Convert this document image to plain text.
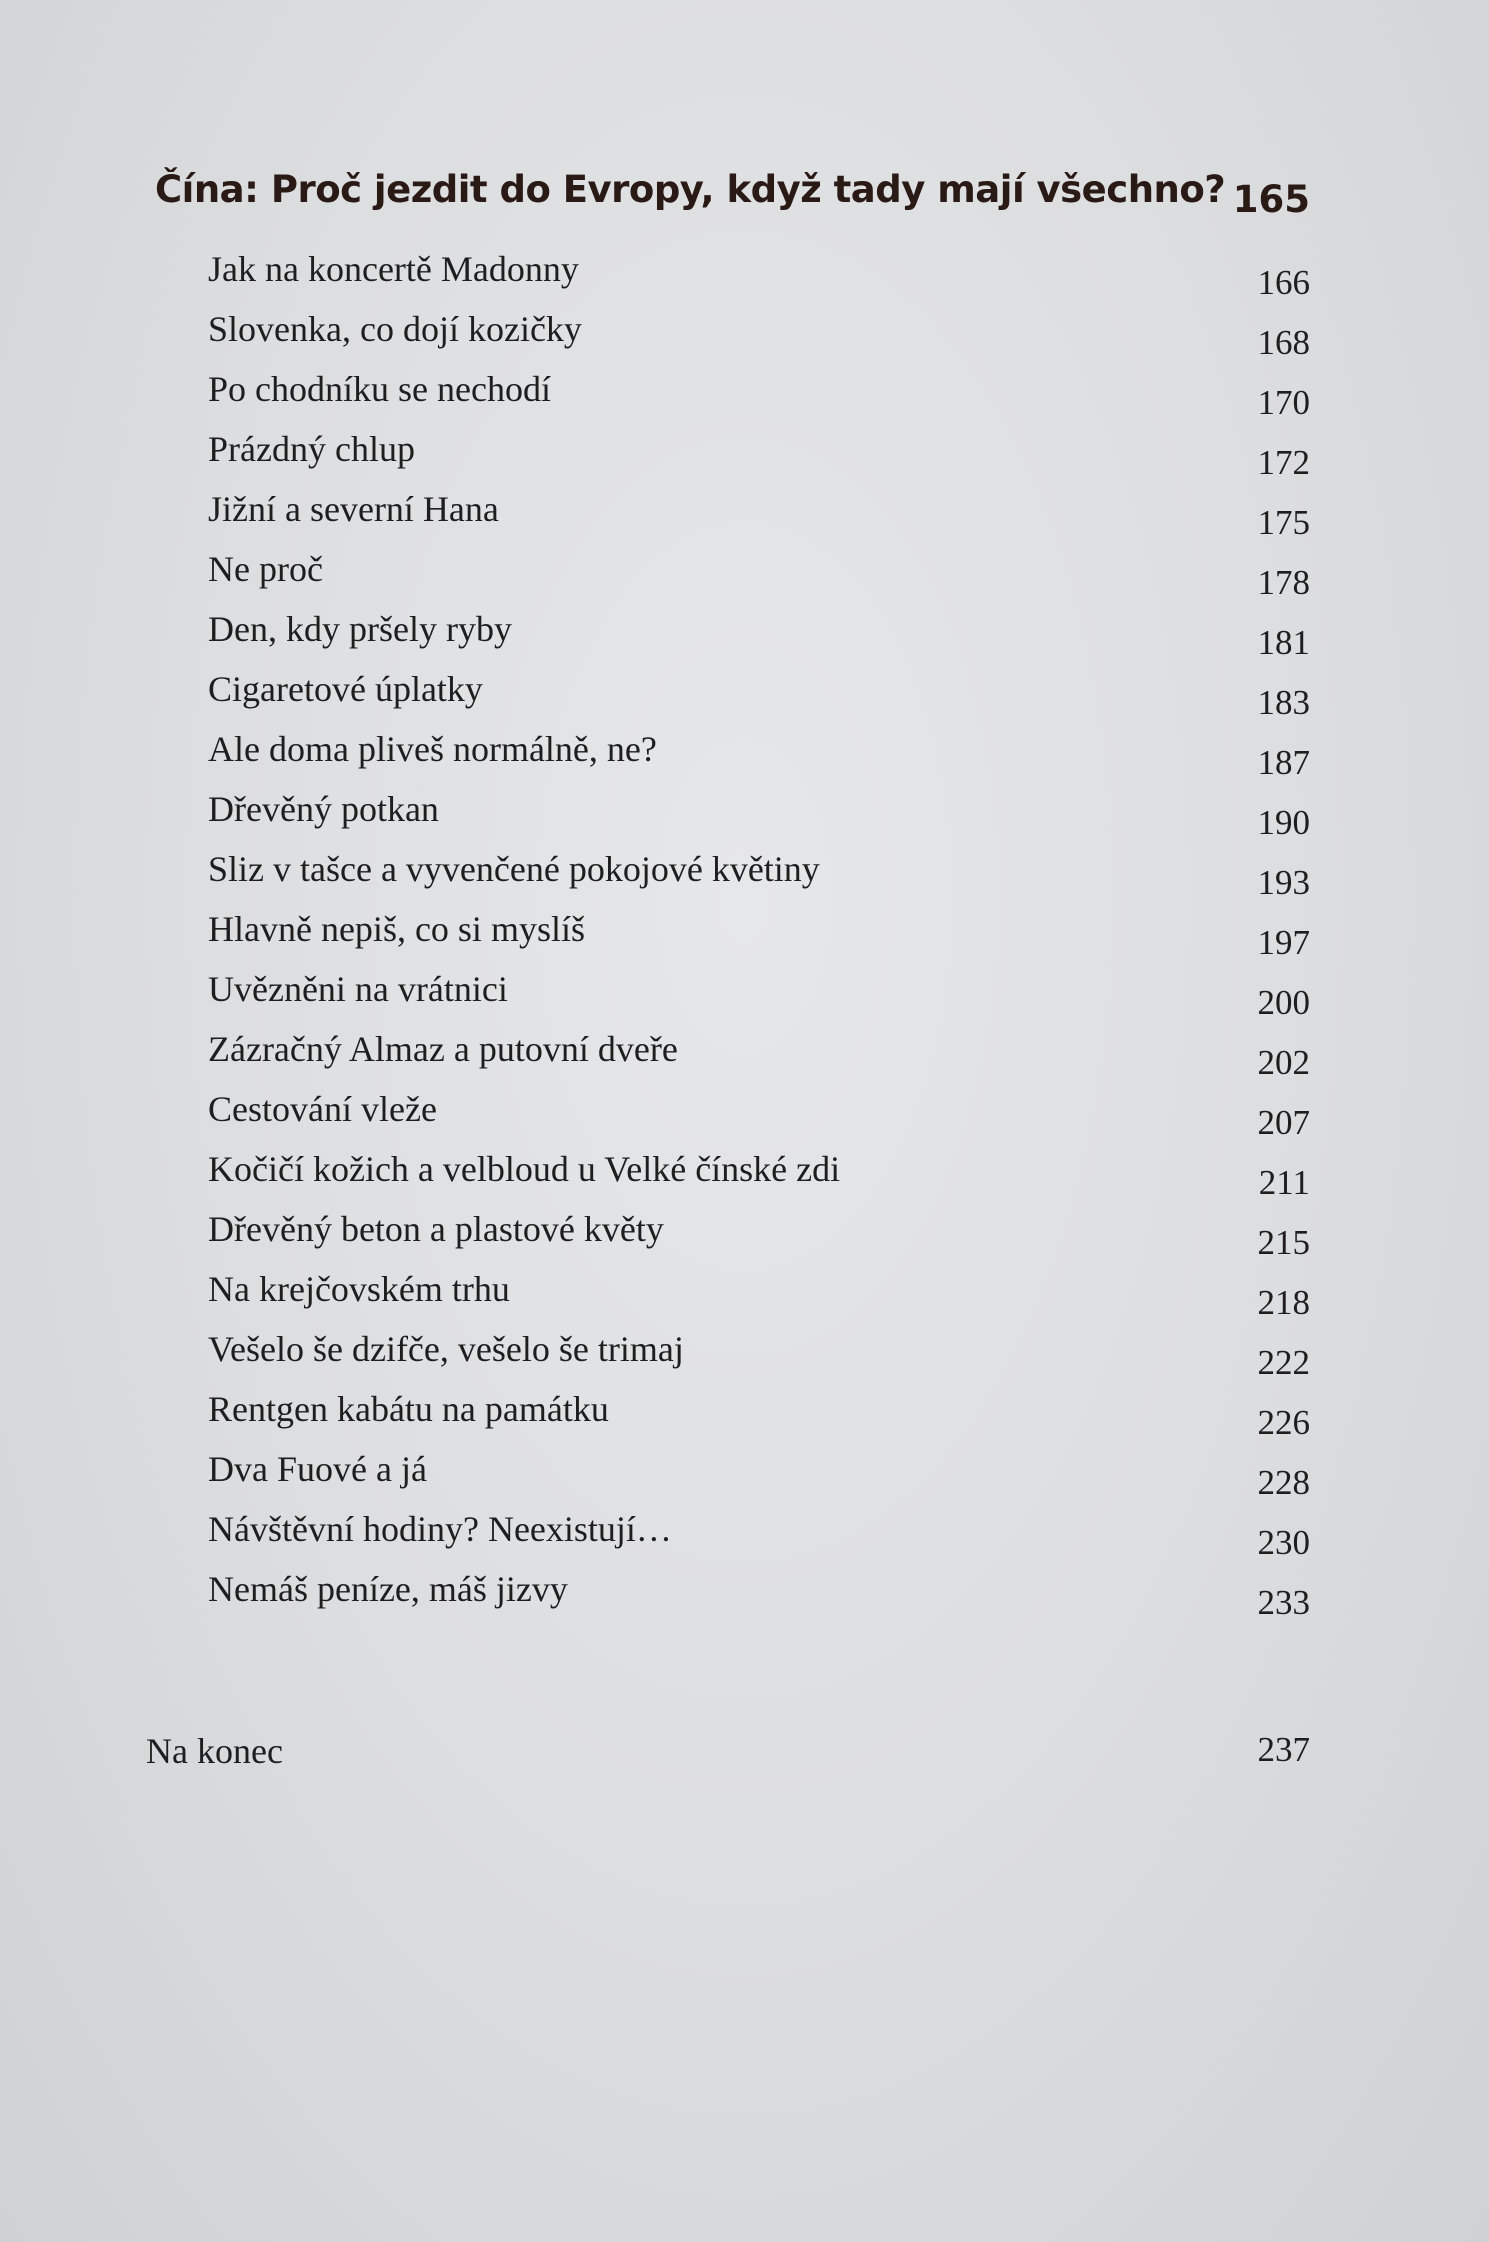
Čína: Proč jezdit do Evropy, když tady mají všechno? 165
Jak na koncertě Madonny	166
Slovenka, co dojí kozičky	168
Po chodníku se nechodí	170
Prázdný chlup	172
Jižní a severní Hana	175
Ne proč	178
Den, kdy pršely ryby	181
Cigaretové úplatky	183
Ale doma pliveš normálně, ne?	187
Dřevěný potkan	190
Sliz v tašce a vyvenčené pokojové květiny	193
Hlavně nepiš, co si myslíš	197
Uvězněni na vrátnici	200
Zázračný Almaz a putovní dveře	202
Cestování vleže	207
Kočičí kožich a velbloud u Velké čínské zdi	211
Dřevěný beton a plastové květy	215
Na krejčovském trhu	218
Vešelo še dzifče, vešelo še trimaj	222
Rentgen kabátu na památku	226
Dva Fuové a já	228
Návštěvní hodiny? Neexistují…	230
Nemáš peníze, máš jizvy	233
Na konec	237
